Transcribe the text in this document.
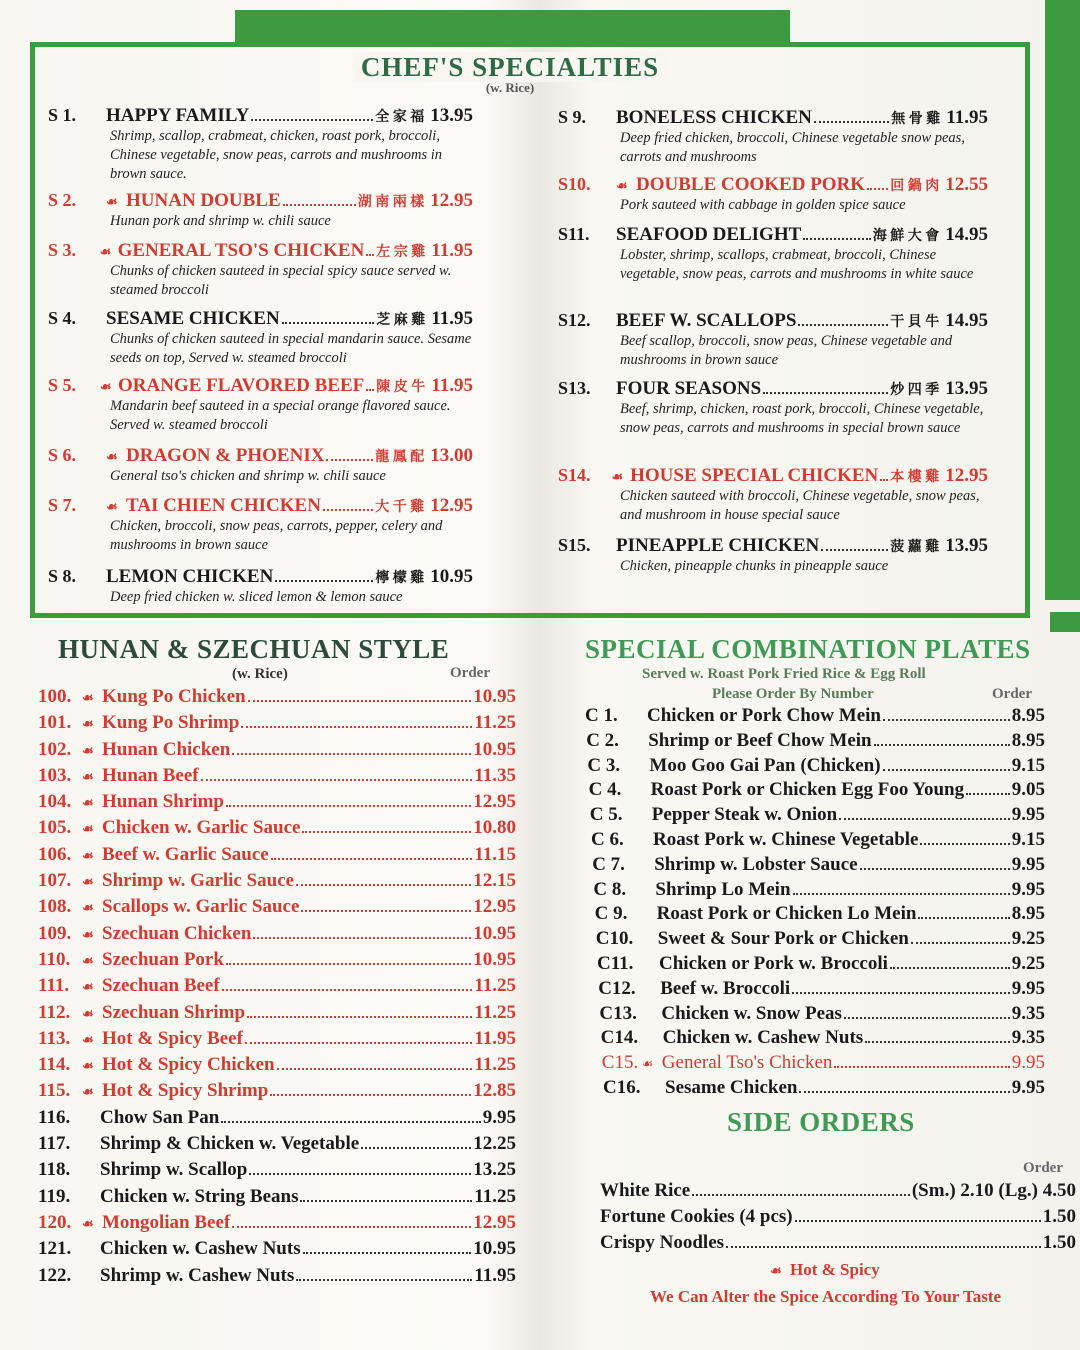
CHEF'S SPECIALTIES
(w. Rice)
S 1.	HAPPY FAMILY	全 家 福 13.95
Shrimp, scallop, crabmeat, chicken, roast pork, broccoli, Chinese vegetable, snow peas, carrots and mushrooms in brown sauce.
S 2.	☙ HUNAN DOUBLE	湖 南 兩 樣 12.95
Hunan pork and shrimp w. chili sauce
S 3.	☙ GENERAL TSO'S CHICKEN 左 宗 雞 11.95
Chunks of chicken sauteed in special spicy sauce served w. steamed broccoli
S 4.	SESAME CHICKEN	芝 麻 雞 11.95
Chunks of chicken sauteed in special mandarin sauce. Sesame seeds on top, Served w. steamed broccoli
S 5.	☙ ORANGE FLAVORED BEEF 陳 皮 牛 11.95
Mandarin beef sauteed in a special orange flavored sauce. Served w. steamed broccoli
S 6.	☙ DRAGON & PHOENIX	龍 鳳 配 13.00
General tso's chicken and shrimp w. chili sauce
S 7.	☙ TAI CHIEN CHICKEN	大 千 雞 12.95
Chicken, broccoli, snow peas, carrots, pepper, celery and mushrooms in brown sauce
S 8.	LEMON CHICKEN	檸 檬 雞 10.95
Deep fried chicken w. sliced lemon & lemon sauce
S 9.	BONELESS CHICKEN	無 骨 雞 11.95
Deep fried chicken, broccoli, Chinese vegetable snow peas, carrots and mushrooms
S10.	☙ DOUBLE COOKED PORK 回 鍋 肉 12.55
Pork sauteed with cabbage in golden spice sauce
S11.	SEAFOOD DELIGHT	海 鮮 大 會 14.95
Lobster, shrimp, scallops, crabmeat, broccoli, Chinese vegetable, snow peas, carrots and mushrooms in white sauce
S12.	BEEF W. SCALLOPS	干 貝 牛 14.95
Beef scallop, broccoli, snow peas, Chinese vegetable and mushrooms in brown sauce
S13.	FOUR SEASONS	炒 四 季 13.95
Beef, shrimp, chicken, roast pork, broccoli, Chinese vegetable, snow peas, carrots and mushrooms in special brown sauce
S14.	☙ HOUSE SPECIAL CHICKEN 本 樓 雞 12.95
Chicken sauteed with broccoli, Chinese vegetable, snow peas, and mushroom in house special sauce
S15.	PINEAPPLE CHICKEN	菠 蘿 雞 13.95
Chicken, pineapple chunks in pineapple sauce
HUNAN & SZECHUAN STYLE
(w. Rice)	Order
100. ☙ Kung Po Chicken	10.95
101. ☙ Kung Po Shrimp	11.25
102. ☙ Hunan Chicken	10.95
103. ☙ Hunan Beef	11.35
104. ☙ Hunan Shrimp	12.95
105. ☙ Chicken w. Garlic Sauce	10.80
106. ☙ Beef w. Garlic Sauce	11.15
107. ☙ Shrimp w. Garlic Sauce	12.15
108. ☙ Scallops w. Garlic Sauce	12.95
109. ☙ Szechuan Chicken	10.95
110. ☙ Szechuan Pork	10.95
111. ☙ Szechuan Beef	11.25
112. ☙ Szechuan Shrimp	11.25
113. ☙ Hot & Spicy Beef	11.95
114. ☙ Hot & Spicy Chicken	11.25
115. ☙ Hot & Spicy Shrimp	12.85
116.	Chow San Pan	9.95
117.	Shrimp & Chicken w. Vegetable	12.25
118.	Shrimp w. Scallop	13.25
119.	Chicken w. String Beans	11.25
120. ☙ Mongolian Beef	12.95
121.	Chicken w. Cashew Nuts	10.95
122.	Shrimp w. Cashew Nuts	11.95
SPECIAL COMBINATION PLATES
Served w. Roast Pork Fried Rice & Egg Roll
Please Order By Number	Order
C 1.	Chicken or Pork Chow Mein	8.95
C 2.	Shrimp or Beef Chow Mein	8.95
C 3.	Moo Goo Gai Pan (Chicken)	9.15
C 4.	Roast Pork or Chicken Egg Foo Young	9.05
C 5.	Pepper Steak w. Onion	9.95
C 6.	Roast Pork w. Chinese Vegetable	9.15
C 7.	Shrimp w. Lobster Sauce	9.95
C 8.	Shrimp Lo Mein	9.95
C 9.	Roast Pork or Chicken Lo Mein	8.95
C10.	Sweet & Sour Pork or Chicken	9.25
C11.	Chicken or Pork w. Broccoli	9.25
C12.	Beef w. Broccoli	9.95
C13.	Chicken w. Snow Peas	9.35
C14.	Chicken w. Cashew Nuts	9.35
C15. ☙ General Tso's Chicken	9.95
C16.	Sesame Chicken	9.95
SIDE ORDERS
Order
White Rice	(Sm.) 2.10 (Lg.) 4.50
Fortune Cookies (4 pcs)	1.50
Crispy Noodles	1.50
☙ Hot & Spicy
We Can Alter the Spice According To Your Taste
